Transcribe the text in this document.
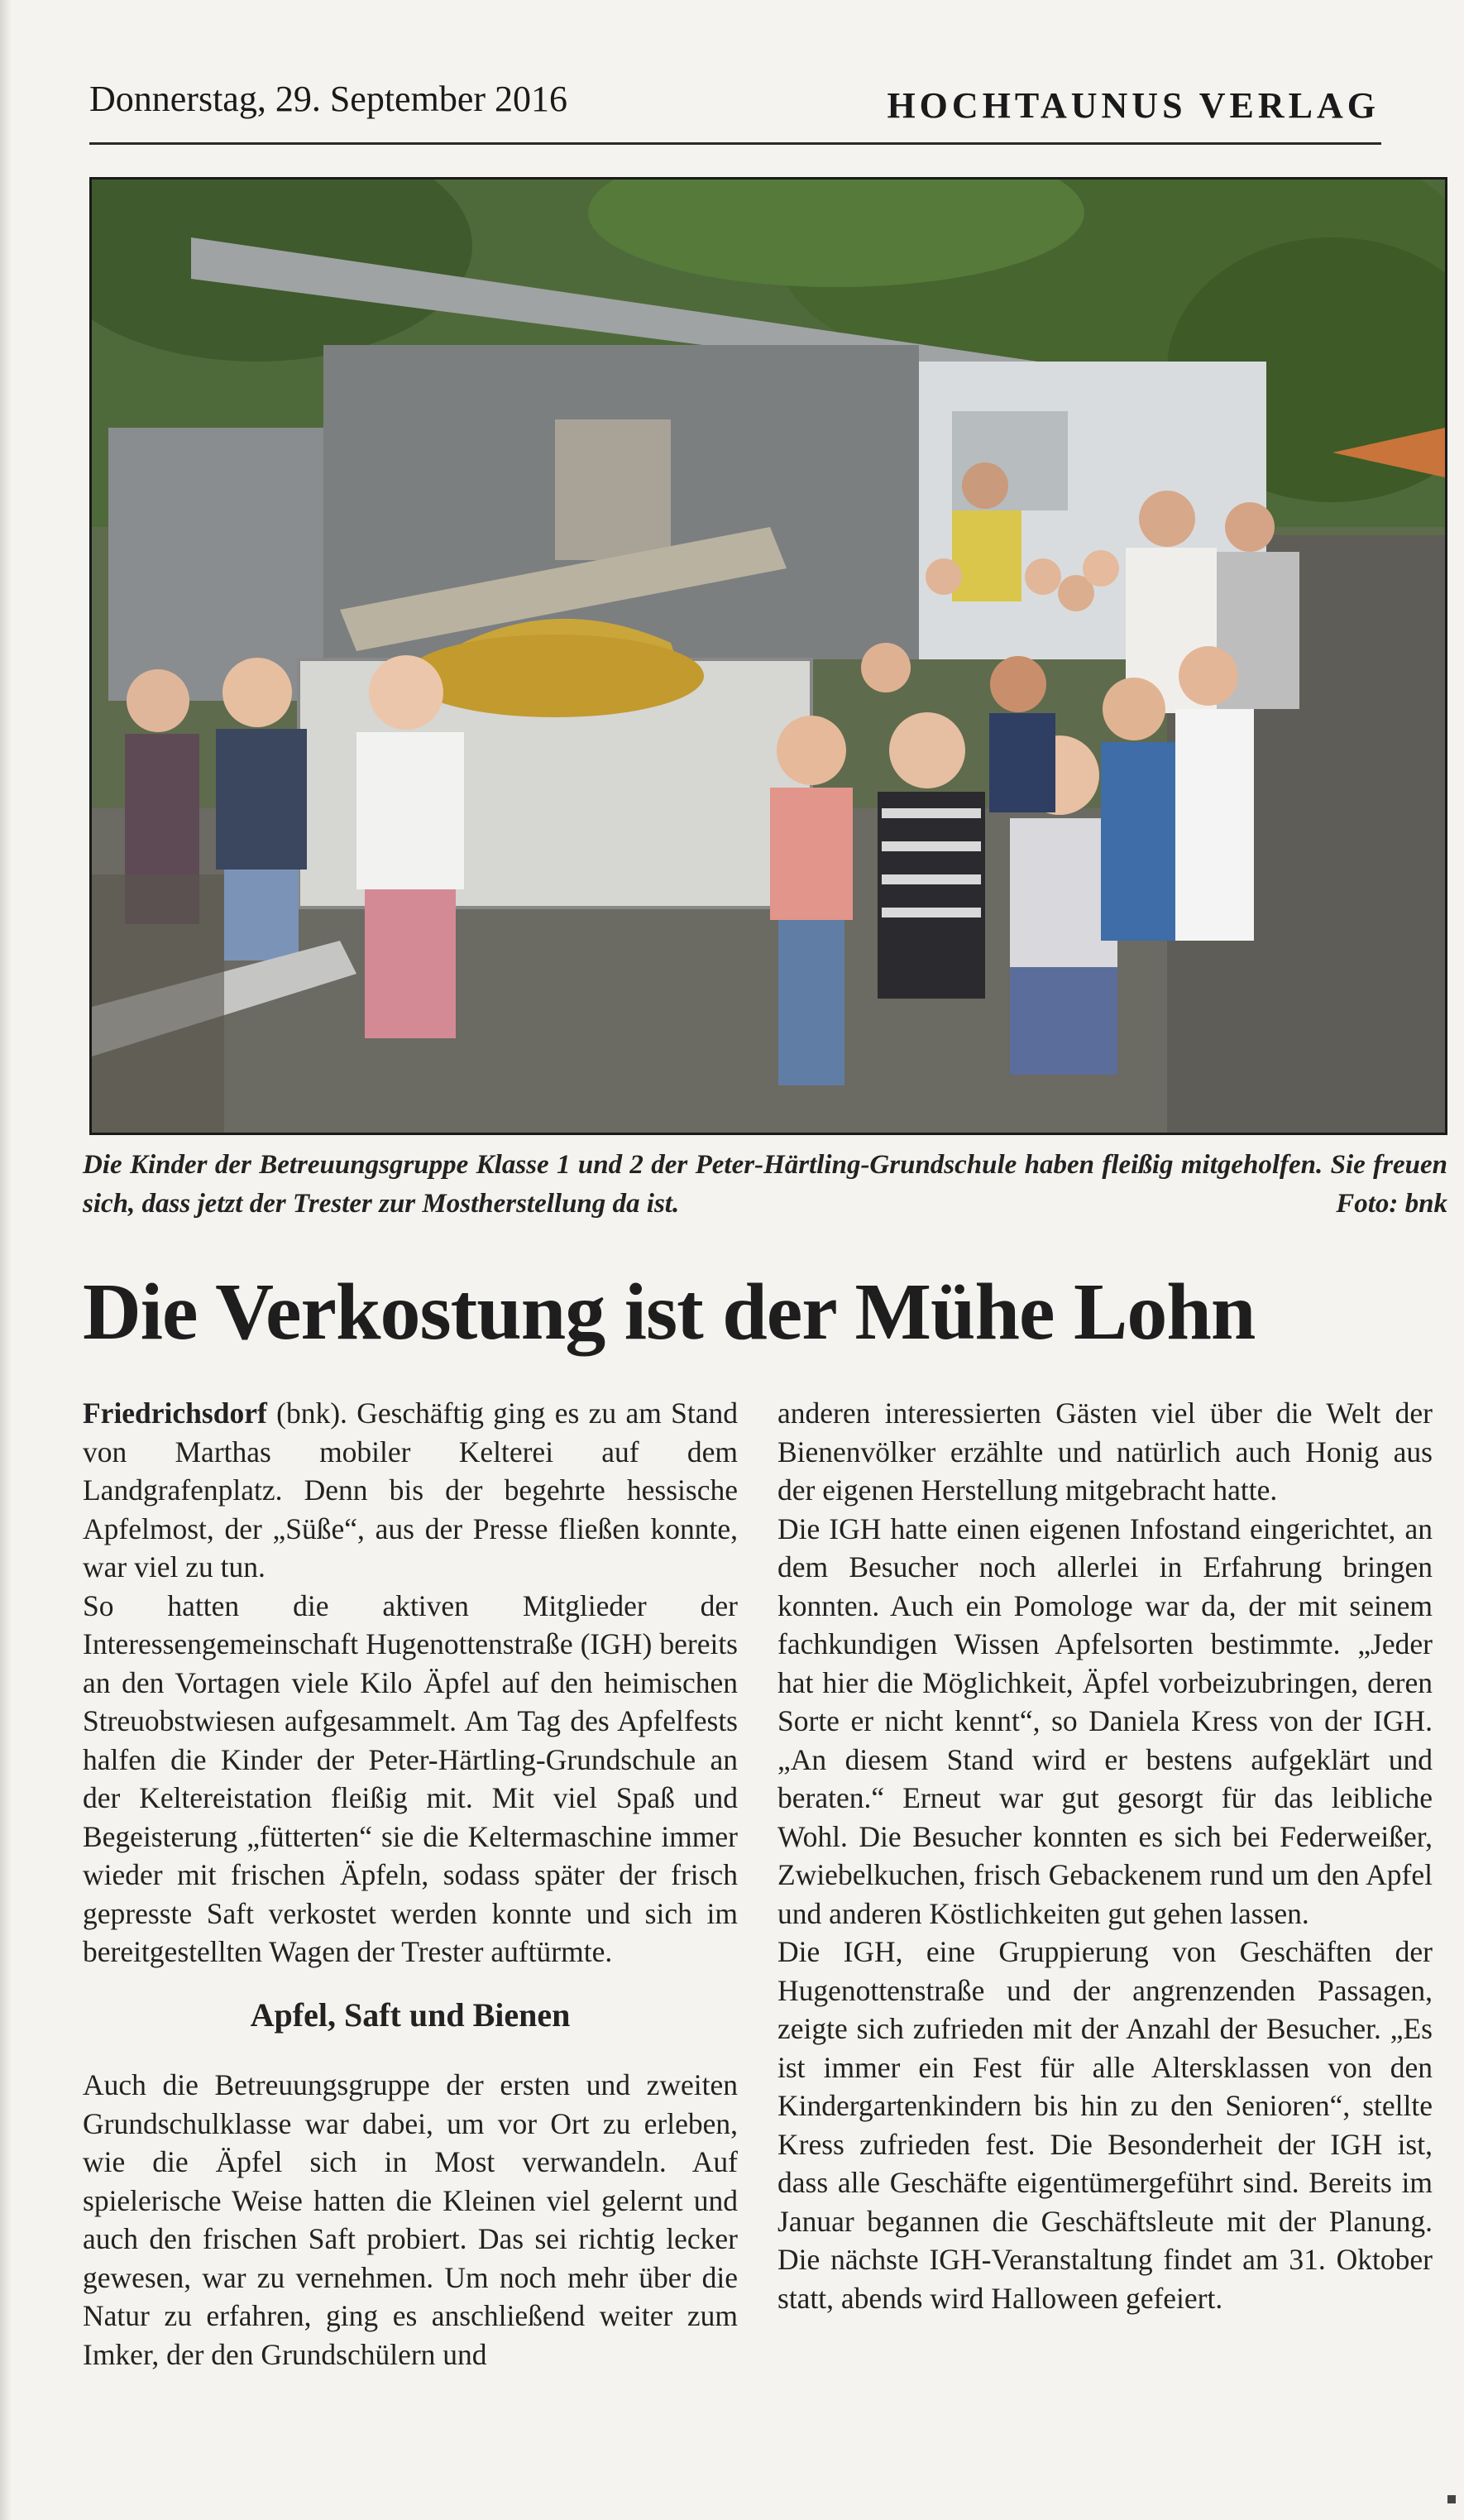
Donnerstag, 29. September 2016	HOCHTAUNUS VERLAG
Die Kinder der Betreuungsgruppe Klasse 1 und 2 der Peter-Härtling-Grundschule haben fleißig mitgeholfen. Sie freuen sich, dass jetzt der Trester zur Mostherstellung da ist.	Foto: bnk
Die Verkostung ist der Mühe Lohn

Friedrichsdorf (bnk). Geschäftig ging es zu am Stand von Marthas mobiler Kelterei auf dem Landgrafenplatz. Denn bis der begehrte hessische Apfelmost, der „Süße“, aus der Presse fließen konnte, war viel zu tun.

So hatten die aktiven Mitglieder der Interessengemeinschaft Hugenottenstraße (IGH) bereits an den Vortagen viele Kilo Äpfel auf den heimischen Streuobstwiesen aufgesammelt. Am Tag des Apfelfests halfen die Kinder der Peter-Härtling-Grundschule an der Keltereistation fleißig mit. Mit viel Spaß und Begeisterung „fütterten“ sie die Keltermaschine immer wieder mit frischen Äpfeln, sodass später der frisch gepresste Saft verkostet werden konnte und sich im bereitgestellten Wagen der Trester auftürmte.

Apfel, Saft und Bienen

Auch die Betreuungsgruppe der ersten und zweiten Grundschulklasse war dabei, um vor Ort zu erleben, wie die Äpfel sich in Most verwandeln. Auf spielerische Weise hatten die Kleinen viel gelernt und auch den frischen Saft probiert. Das sei richtig lecker gewesen, war zu vernehmen. Um noch mehr über die Natur zu erfahren, ging es anschließend weiter zum Imker, der den Grundschülern und

anderen interessierten Gästen viel über die Welt der Bienenvölker erzählte und natürlich auch Honig aus der eigenen Herstellung mitgebracht hatte.

Die IGH hatte einen eigenen Infostand eingerichtet, an dem Besucher noch allerlei in Erfahrung bringen konnten. Auch ein Pomologe war da, der mit seinem fachkundigen Wissen Apfelsorten bestimmte. „Jeder hat hier die Möglichkeit, Äpfel vorbeizubringen, deren Sorte er nicht kennt“, so Daniela Kress von der IGH. „An diesem Stand wird er bestens aufgeklärt und beraten.“ Erneut war gut gesorgt für das leibliche Wohl. Die Besucher konnten es sich bei Federweißer, Zwiebelkuchen, frisch Gebackenem rund um den Apfel und anderen Köstlichkeiten gut gehen lassen.

Die IGH, eine Gruppierung von Geschäften der Hugenottenstraße und der angrenzenden Passagen, zeigte sich zufrieden mit der Anzahl der Besucher. „Es ist immer ein Fest für alle Altersklassen von den Kindergartenkindern bis hin zu den Senioren“, stellte Kress zufrieden fest. Die Besonderheit der IGH ist, dass alle Geschäfte eigentümergeführt sind. Bereits im Januar begannen die Geschäftsleute mit der Planung. Die nächste IGH-Veranstaltung findet am 31. Oktober statt, abends wird Halloween gefeiert.
